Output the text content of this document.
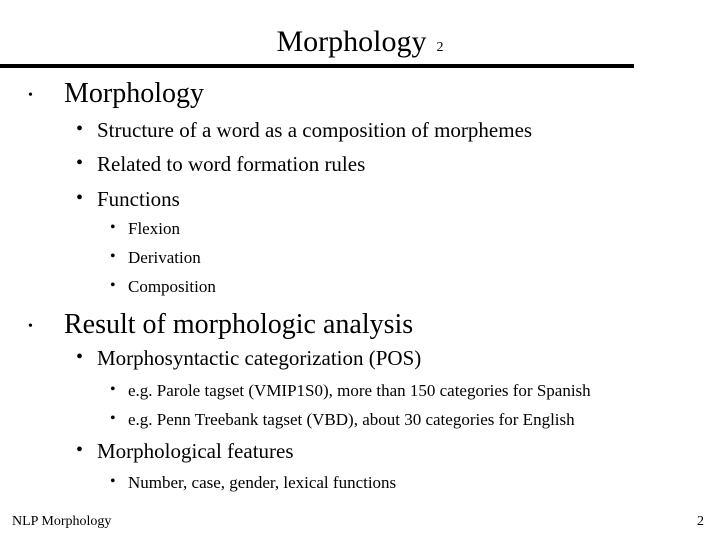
Morphology 2
• Morphology
• Structure of a word as a composition of morphemes
• Related to word formation rules
• Functions
• Flexion
• Derivation
• Composition
• Result of morphologic analysis
• Morphosyntactic categorization (POS)
• e.g. Parole tagset (VMIP1S0), more than 150 categories for Spanish
• e.g. Penn Treebank tagset (VBD), about 30 categories for English
• Morphological features
• Number, case, gender, lexical functions
NLP Morphology	2
